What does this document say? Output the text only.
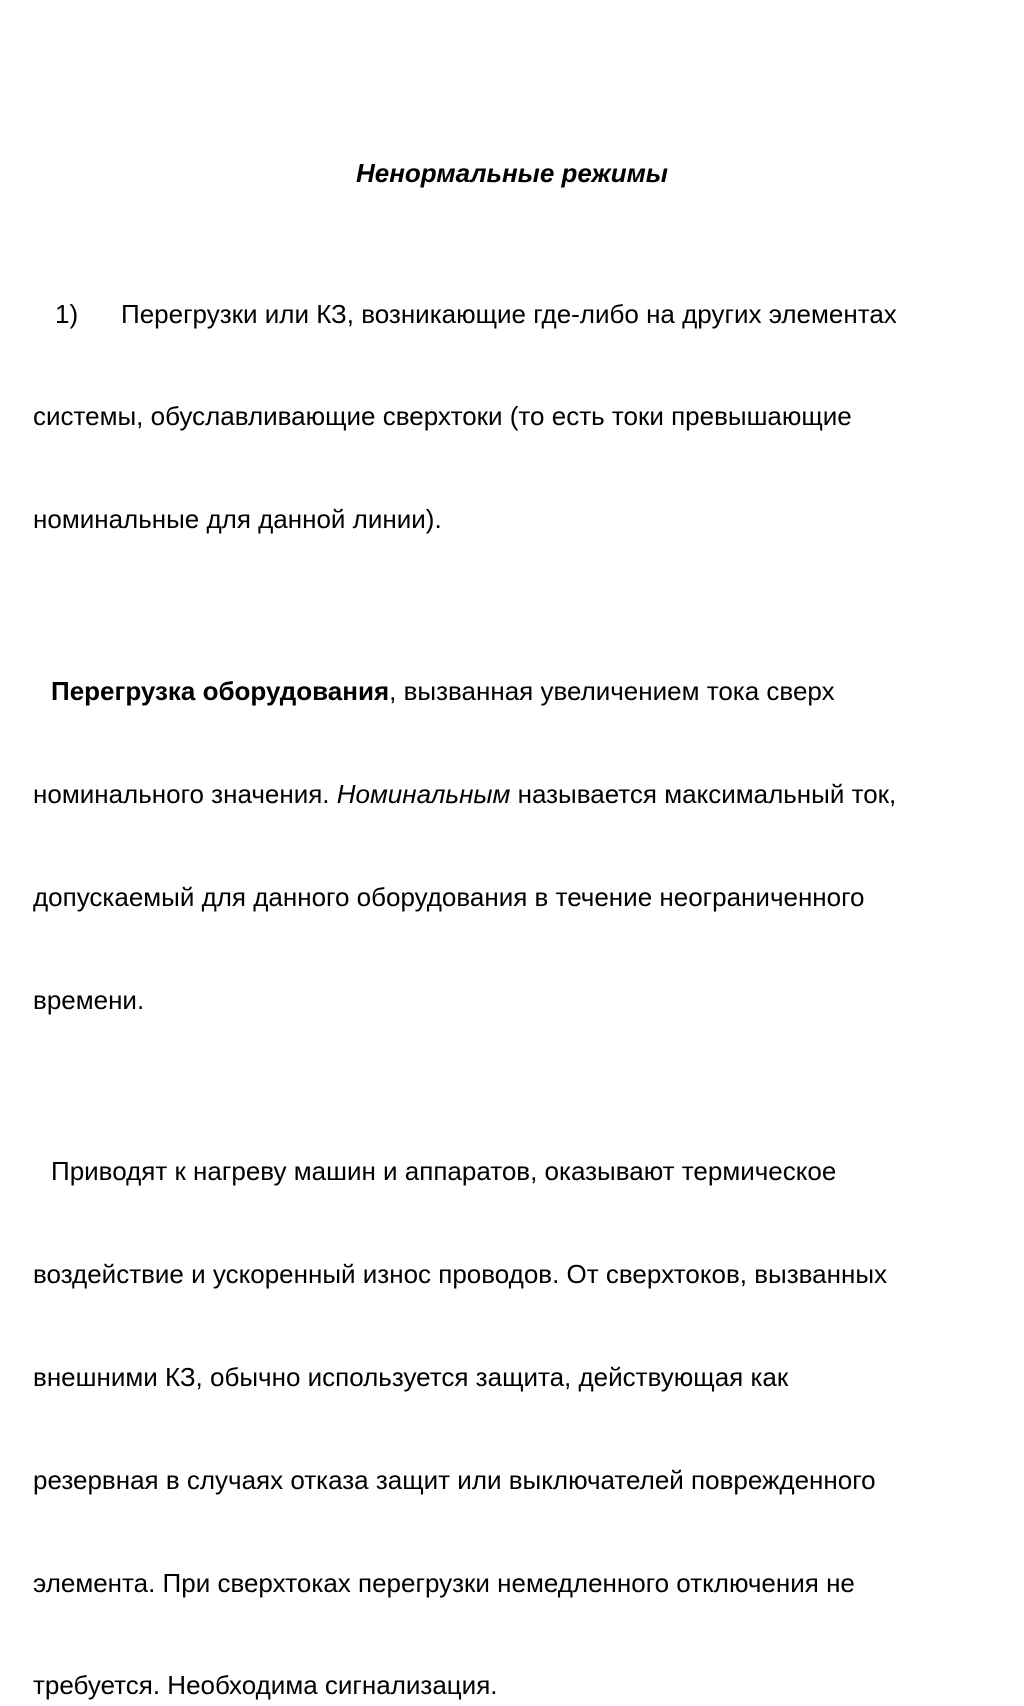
Ненормальные режимы

1) Перегрузки или КЗ, возникающие где-либо на других элементах

системы, обуславливающие сверхтоки (то есть токи превышающие

номинальные для данной линии).

Перегрузка оборудования, вызванная увеличением тока сверх

номинального значения. Номинальным называется максимальный ток,

допускаемый для данного оборудования в течение неограниченного

времени.

Приводят к нагреву машин и аппаратов, оказывают термическое

воздействие и ускоренный износ проводов. От сверхтоков, вызванных

внешними КЗ, обычно используется защита, действующая как

резервная в случаях отказа защит или выключателей поврежденного

элемента. При сверхтоках перегрузки немедленного отключения не

требуется. Необходима сигнализация.
